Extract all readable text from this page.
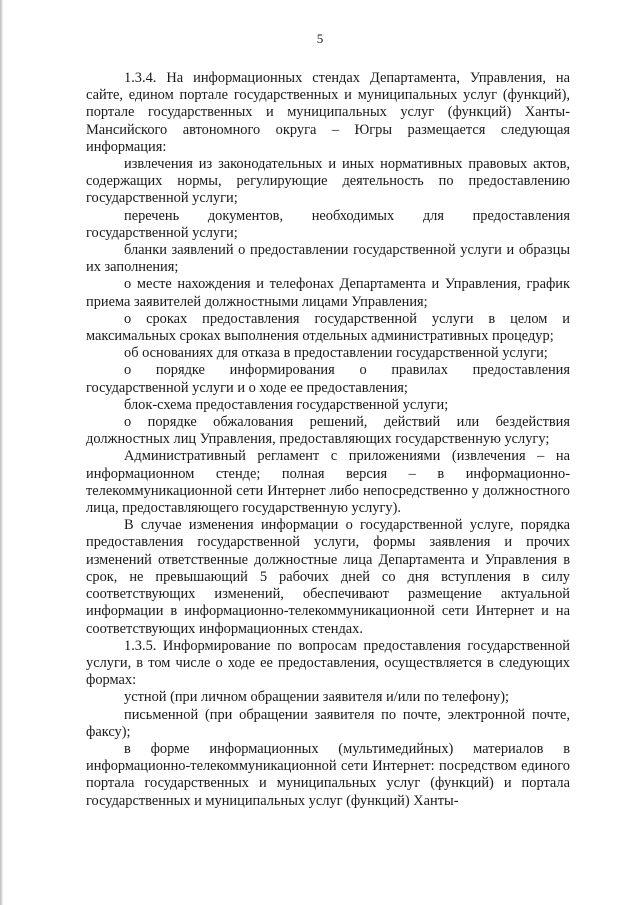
5

1.3.4. На информационных стендах Департамента, Управления, на сайте, едином портале государственных и муниципальных услуг (функций), портале государственных и муниципальных услуг (функций) Ханты-Мансийского автономного округа – Югры размещается следующая информация:

извлечения из законодательных и иных нормативных правовых актов, содержащих нормы, регулирующие деятельность по предоставлению государственной услуги;

перечень документов, необходимых для предоставления государственной услуги;

бланки заявлений о предоставлении государственной услуги и образцы их заполнения;

о месте нахождения и телефонах Департамента и Управления, график приема заявителей должностными лицами Управления;

о сроках предоставления государственной услуги в целом и максимальных сроках выполнения отдельных административных процедур;

об основаниях для отказа в предоставлении государственной услуги;

о порядке информирования о правилах предоставления государственной услуги и о ходе ее предоставления;

блок-схема предоставления государственной услуги;

о порядке обжалования решений, действий или бездействия должностных лиц Управления, предоставляющих государственную услугу;

Административный регламент с приложениями (извлечения – на информационном стенде; полная версия – в информационно-телекоммуникационной сети Интернет либо непосредственно у должностного лица, предоставляющего государственную услугу).

В случае изменения информации о государственной услуге, порядка предоставления государственной услуги, формы заявления и прочих изменений ответственные должностные лица Департамента и Управления в срок, не превышающий 5 рабочих дней со дня вступления в силу соответствующих изменений, обеспечивают размещение актуальной информации в информационно-телекоммуникационной сети Интернет и на соответствующих информационных стендах.

1.3.5. Информирование по вопросам предоставления государственной услуги, в том числе о ходе ее предоставления, осуществляется в следующих формах:

устной (при личном обращении заявителя и/или по телефону);

письменной (при обращении заявителя по почте, электронной почте, факсу);

в форме информационных (мультимедийных) материалов в информационно-телекоммуникационной сети Интернет: посредством единого портала государственных и муниципальных услуг (функций) и портала государственных и муниципальных услуг (функций) Ханты-
